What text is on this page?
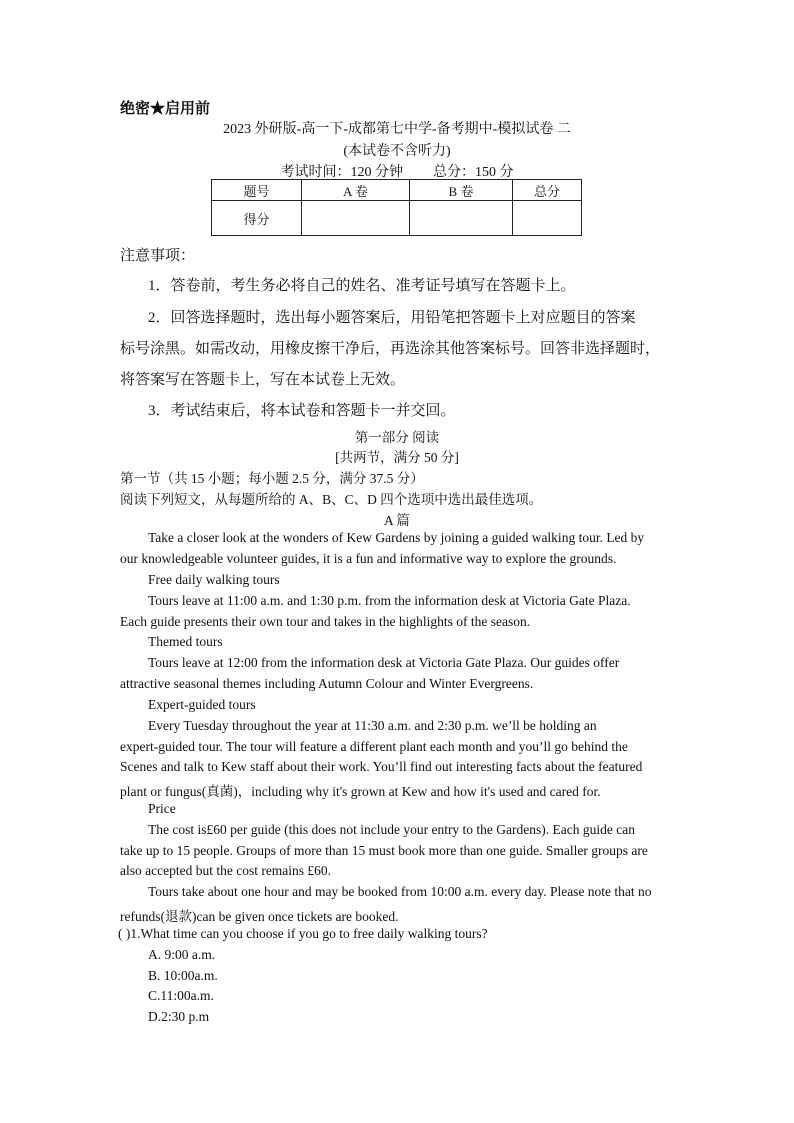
绝密★启用前
2023 外研版-高一下-成都第七中学-备考期中-模拟试卷 二
(本试卷不含听力)
考试时间：120 分钟 总分：150 分
题号	A 卷	B 卷	总分
得分			
注意事项：
1．答卷前，考生务必将自己的姓名、准考证号填写在答题卡上。
2．回答选择题时，选出每小题答案后，用铅笔把答题卡上对应题目的答案
标号涂黑。如需改动，用橡皮擦干净后，再选涂其他答案标号。回答非选择题时，
将答案写在答题卡上，写在本试卷上无效。
3．考试结束后，将本试卷和答题卡一并交回。
第一部分 阅读
[共两节，满分 50 分]
第一节（共 15 小题；每小题 2.5 分，满分 37.5 分）
阅读下列短文，从每题所给的 A、B、C、D 四个选项中选出最佳选项。
A 篇
Take a closer look at the wonders of Kew Gardens by joining a guided walking tour. Led by
our knowledgeable volunteer guides, it is a fun and informative way to explore the grounds.
Free daily walking tours
Tours leave at 11:00 a.m. and 1:30 p.m. from the information desk at Victoria Gate Plaza.
Each guide presents their own tour and takes in the highlights of the season.
Themed tours
Tours leave at 12:00 from the information desk at Victoria Gate Plaza. Our guides offer
attractive seasonal themes including Autumn Colour and Winter Evergreens.
Expert-guided tours
Every Tuesday throughout the year at 11:30 a.m. and 2:30 p.m. we’ll be holding an
expert-guided tour. The tour will feature a different plant each month and you’ll go behind the
Scenes and talk to Kew staff about their work. You’ll find out interesting facts about the featured
plant or fungus(真菌)，including why it's grown at Kew and how it's used and cared for.
Price
The cost is£60 per guide (this does not include your entry to the Gardens). Each guide can
take up to 15 people. Groups of more than 15 must book more than one guide. Smaller groups are
also accepted but the cost remains £60.
Tours take about one hour and may be booked from 10:00 a.m. every day. Please note that no
refunds(退款)can be given once tickets are booked.
( )1.What time can you choose if you go to free daily walking tours?
A. 9:00 a.m.
B. 10:00a.m.
C.11:00a.m.
D.2:30 p.m
